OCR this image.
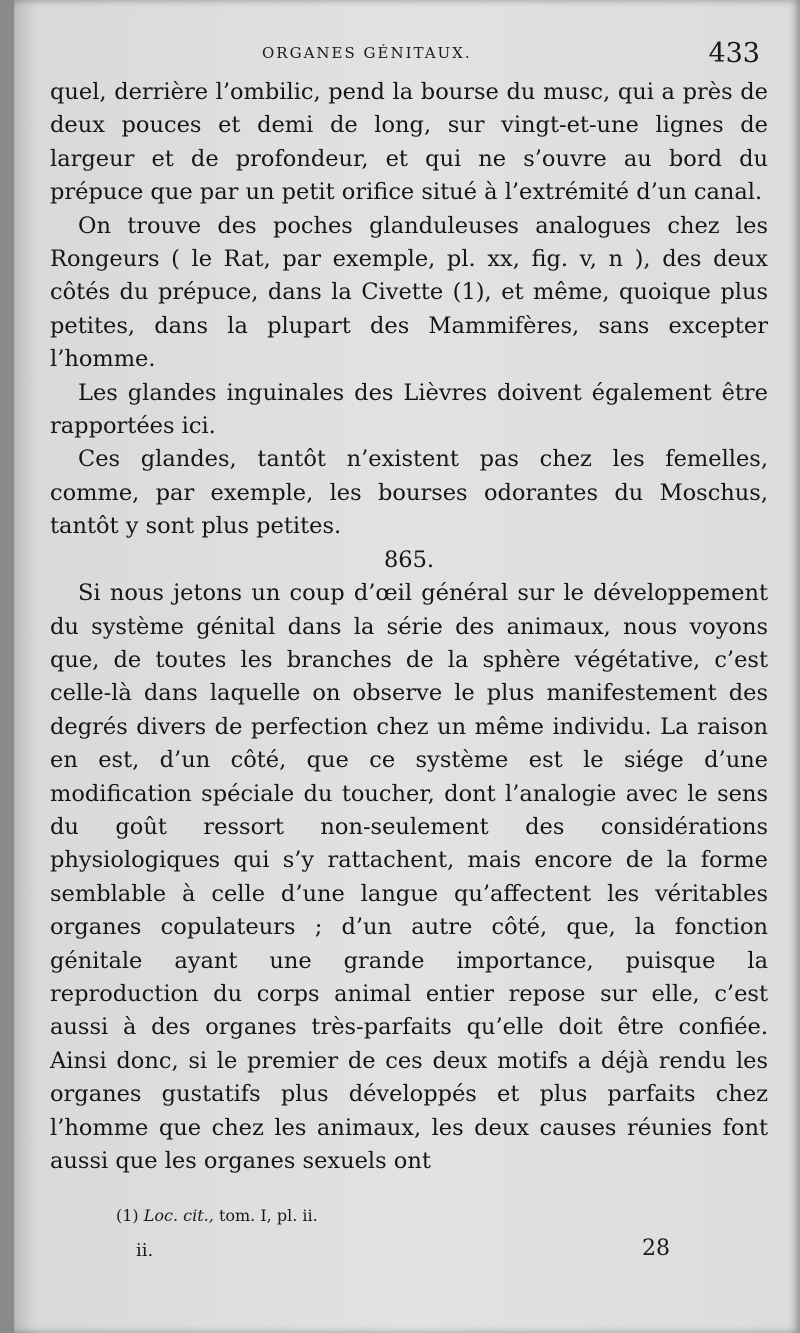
ORGANES GÉNITAUX.	433

quel, derrière l’ombilic, pend la bourse du musc, qui a près de deux pouces et demi de long, sur vingt-et-une lignes de largeur et de profondeur, et qui ne s’ouvre au bord du prépuce que par un petit orifice situé à l’extrémité d’un canal.

On trouve des poches glanduleuses analogues chez les Rongeurs ( le Rat, par exemple, pl. xx, fig. v, n ), des deux côtés du prépuce, dans la Civette (1), et même, quoique plus petites, dans la plupart des Mammifères, sans excepter l’homme.

Les glandes inguinales des Lièvres doivent également être rapportées ici.

Ces glandes, tantôt n’existent pas chez les femelles, comme, par exemple, les bourses odorantes du Moschus, tantôt y sont plus petites.

865.

Si nous jetons un coup d’œil général sur le développement du système génital dans la série des animaux, nous voyons que, de toutes les branches de la sphère végétative, c’est celle-là dans laquelle on observe le plus manifestement des degrés divers de perfection chez un même individu. La raison en est, d’un côté, que ce système est le siége d’une modification spéciale du toucher, dont l’analogie avec le sens du goût ressort non-seulement des considérations physiologiques qui s’y rattachent, mais encore de la forme semblable à celle d’une langue qu’affectent les véritables organes copulateurs ; d’un autre côté, que, la fonction génitale ayant une grande importance, puisque la reproduction du corps animal entier repose sur elle, c’est aussi à des organes très-parfaits qu’elle doit être confiée. Ainsi donc, si le premier de ces deux motifs a déjà rendu les organes gustatifs plus développés et plus parfaits chez l’homme que chez les animaux, les deux causes réunies font aussi que les organes sexuels ont

(1) Loc. cit., tom. I, pl. ii.
ii.	28
